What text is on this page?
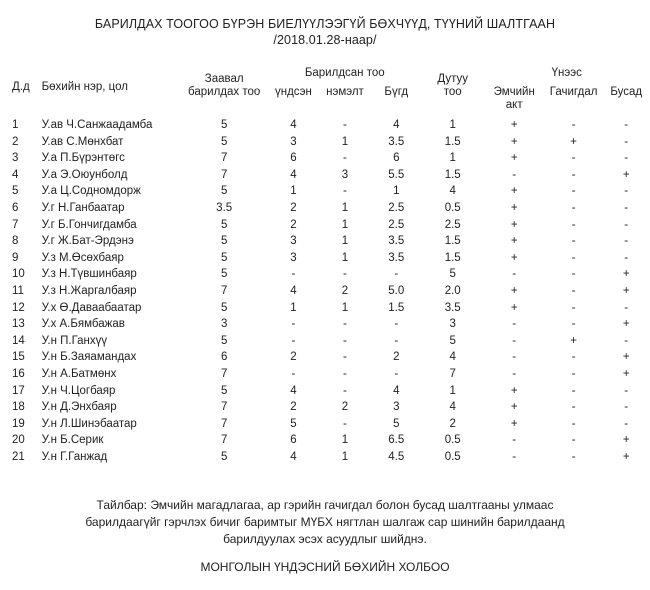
БАРИЛДАХ ТООГОО БҮРЭН БИЕЛҮҮЛЭЭГҮЙ БӨХЧҮҮД, ТҮҮНИЙ ШАЛТГААН
/2018.01.28-наар/
Д.д	Бөхийн нэр, цол	Заавал барилдах тоо	Барилдсан тоо			Дутуу тоо	Үнээс		
			үндсэн	нэмэлт	Бүгд		Эмчийн акт	Гачигдал	Бусад
1	У.ав Ч.Санжаадамба	5	4	-	4	1	+	-	-
2	У.ав С.Мөнхбат	5	3	1	3.5	1.5	+	+	-
3	У.а П.Бүрэнтөгс	7	6	-	6	1	+	-	-
4	У.а Э.Оюунболд	7	4	3	5.5	1.5	-	-	+
5	У.а Ц.Содномдорж	5	1	-	1	4	+	-	-
6	У.г Н.Ганбаатар	3.5	2	1	2.5	0.5	+	-	-
7	У.г Б.Гончигдамба	5	2	1	2.5	2.5	+	-	-
8	У.г Ж.Бат-Эрдэнэ	5	3	1	3.5	1.5	+	-	-
9	У.з М.Өсөхбаяр	5	3	1	3.5	1.5	+	-	-
10	У.з Н.Түвшинбаяр	5	-	-	-	5	-	-	+
11	У.з Н.Жаргалбаяр	7	4	2	5.0	2.0	+	-	+
12	У.х Ө.Даваабаатар	5	1	1	1.5	3.5	+	-	-
13	У.х А.Бямбажав	3	-	-	-	3	-	-	+
14	У.н П.Ганхүү	5	-	-	-	5	-	+	-
15	У.н Б.Заяамандах	6	2	-	2	4	-	-	+
16	У.н А.Батмөнх	7	-	-	-	7	-	-	+
17	У.н Ч.Цогбаяр	5	4	-	4	1	+	-	-
18	У.н Д.Энхбаяр	7	2	2	3	4	+	-	-
19	У.н Л.Шинэбаатар	7	5	-	5	2	+	-	-
20	У.н Б.Серик	7	6	1	6.5	0.5	-	-	+
21	У.н Г.Ганжад	5	4	1	4.5	0.5	-	-	+
Тайлбар: Эмчийн магадлагаа, ар гэрийн гачигдал болон бусад шалтгааны улмаас
барилдаагүйг гэрчлэх бичиг баримтыг МҮБХ нягтлан шалгаж сар шинийн барилдаанд
барилдуулах эсэх асуудлыг шийднэ.
МОНГОЛЫН ҮНДЭСНИЙ БӨХИЙН ХОЛБОО
